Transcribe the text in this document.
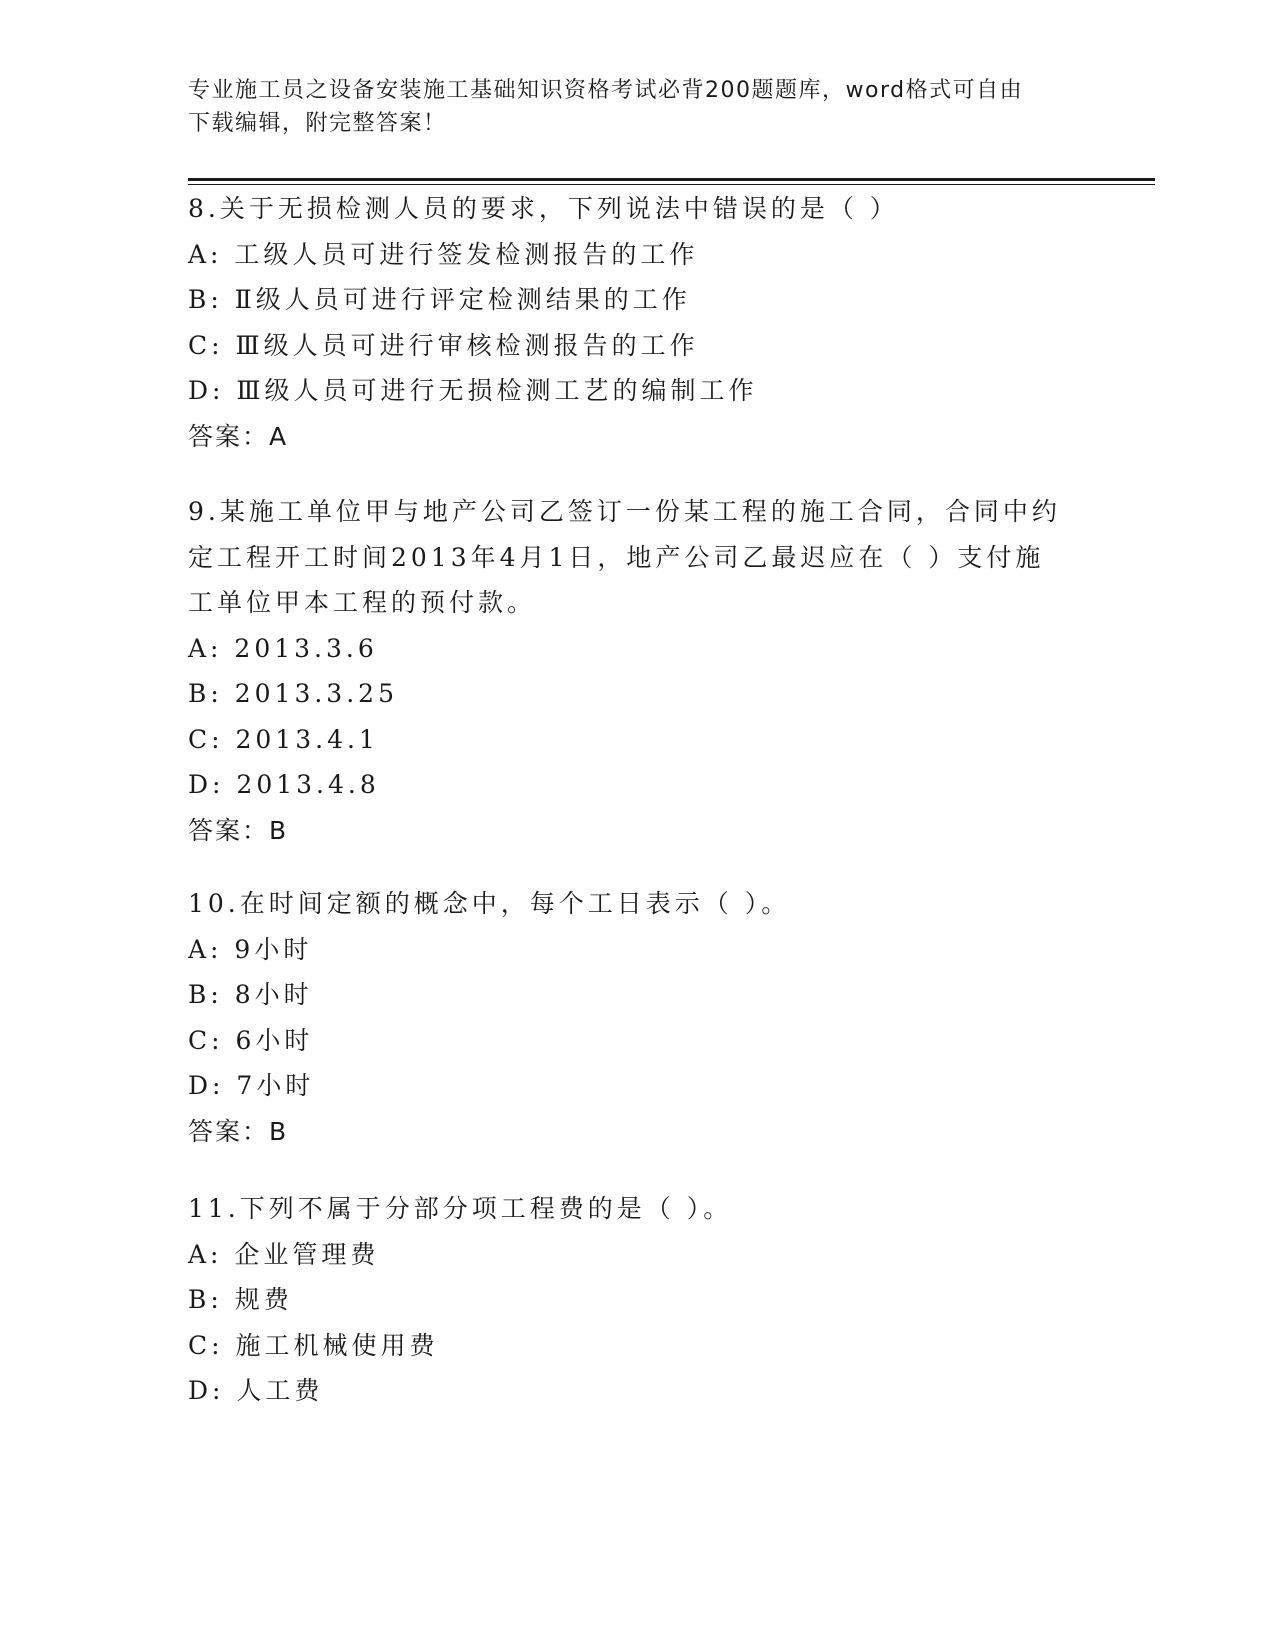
专业施工员之设备安装施工基础知识资格考试必背200题题库，word格式可自由
下载编辑，附完整答案！

8.关于无损检测人员的要求，下列说法中错误的是（ ）

A: 工级人员可进行签发检测报告的工作

B: Ⅱ级人员可进行评定检测结果的工作

C: Ⅲ级人员可进行审核检测报告的工作

D: Ⅲ级人员可进行无损检测工艺的编制工作

答案：A

9.某施工单位甲与地产公司乙签订一份某工程的施工合同，合同中约定工程开工时间2013年4月1日，地产公司乙最迟应在（ ）支付施工单位甲本工程的预付款。

A: 2013.3.6

B: 2013.3.25

C: 2013.4.1

D: 2013.4.8

答案：B

10.在时间定额的概念中，每个工日表示（ ）。

A: 9小时

B: 8小时

C: 6小时

D: 7小时

答案：B

11.下列不属于分部分项工程费的是（ ）。

A: 企业管理费

B: 规费

C: 施工机械使用费

D: 人工费
